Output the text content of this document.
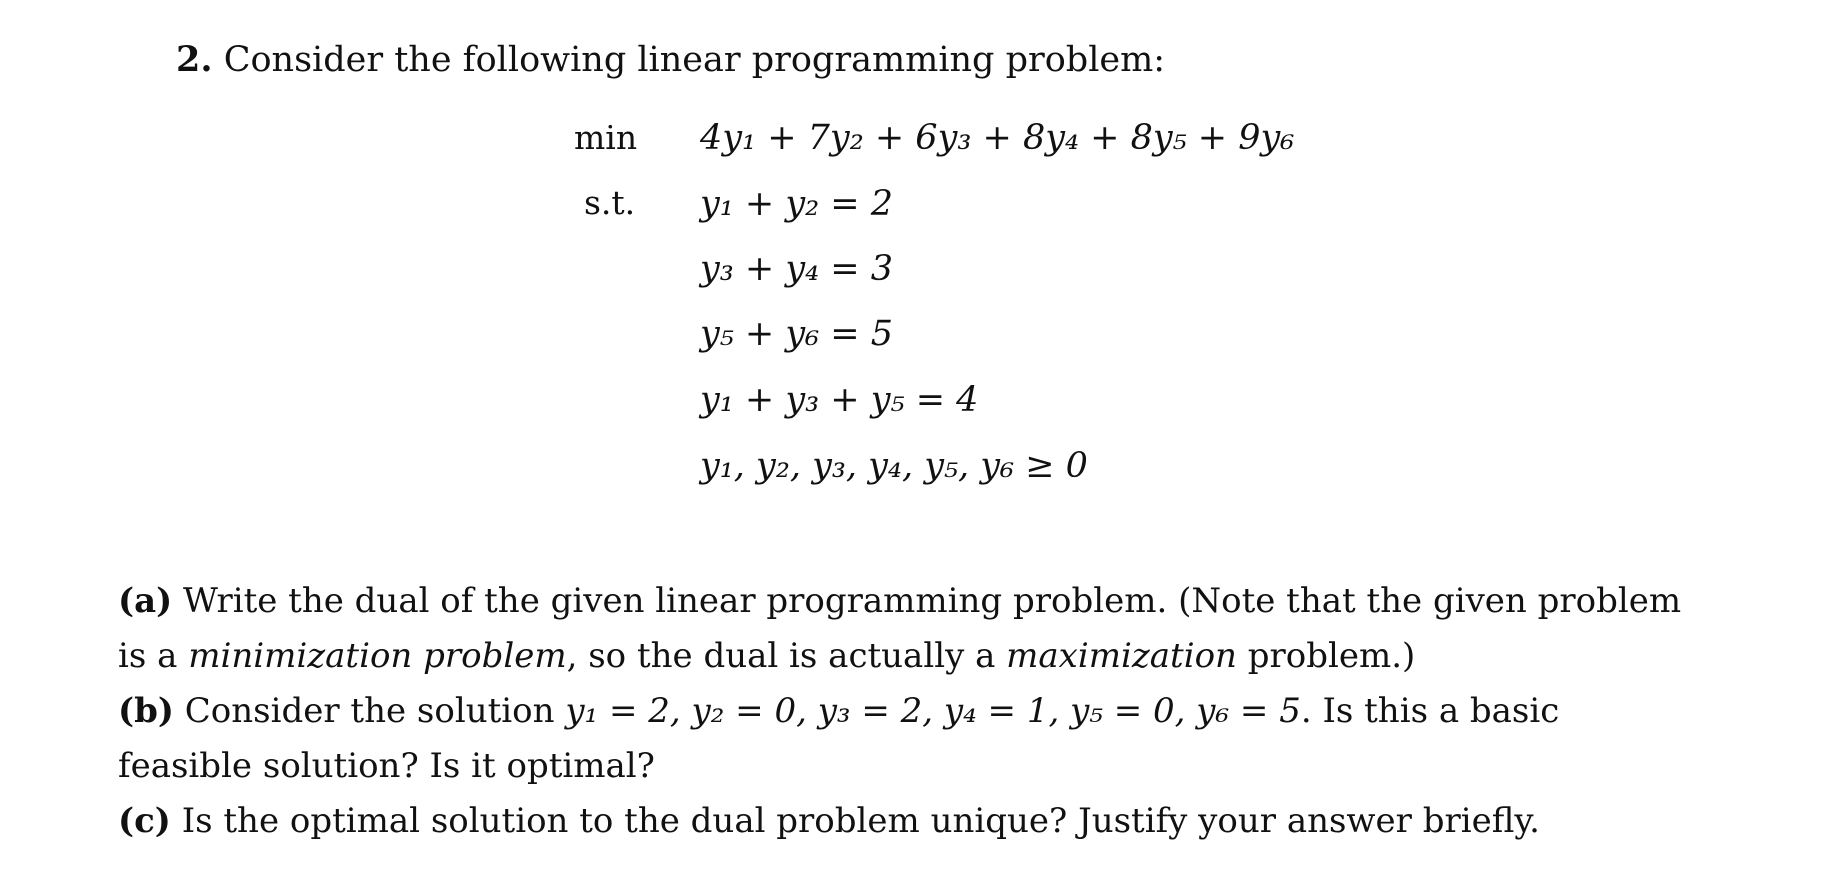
2. Consider the following linear programming problem:
min
s.t.
4y₁ + 7y₂ + 6y₃ + 8y₄ + 8y₅ + 9y₆
y₁ + y₂ = 2
y₃ + y₄ = 3
y₅ + y₆ = 5
y₁ + y₃ + y₅ = 4
y₁, y₂, y₃, y₄, y₅, y₆ ≥ 0

(a) Write the dual of the given linear programming problem. (Note that the given problem is a minimization problem, so the dual is actually a maximization problem.)

(b) Consider the solution y₁ = 2, y₂ = 0, y₃ = 2, y₄ = 1, y₅ = 0, y₆ = 5. Is this a basic feasible solution? Is it optimal?

(c) Is the optimal solution to the dual problem unique? Justify your answer briefly.
